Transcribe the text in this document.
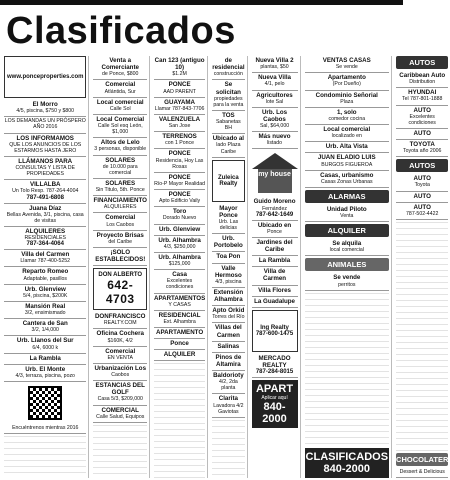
Clasificados
www.ponceproperties.com
El Morro
4/5, piscina, $750 y $800
LOS DEMANDAS UN PRÓSPERO AÑO 2016
LOS INFORMAMOS
QUE LOS ANUNCIOS DE LOS ESTARMOS HASTA JERO
LLÁMANOS PARA
CONSULTAS Y LISTA DE PROPIEDADES
VILLALBA
Un Tolo Resp. 787-264-4004
787-491-6808
Juana Díaz
Bellas Avenida, 3/1, piscina, casa de visitas
ALQUILERES
RESIDENCIALES
787-364-4064
Villa del Carmen
Llamar 787-400-5252
Reparto Romeo
Adaptable, pasillos
Urb. Glenview
5/4, piscina, $200K
Mansión Real
3/2, ensimismado
Cantera de San
3/2, 1/4,000
Urb. Llanos del Sur
6/4, 6000 k
La Rambla
Urb. El Monte
4/3, terraza, piscina, pozo
Encuéntrenos mientras 2016
Venta a Comerciante
de Ponce, $800
Comercial
Atlántida, Sur
Local comercial
Calle Sol
Local Comercial
Calle Sol esq León, $1,000
Altos de Lelo
3 personas, disponible
SOLARES
de 10.000 para comercial
SOLARES
Sin Titulo, 5th. Ponce
FINANCIAMIENTO
ALQUILERES
Comercial
Los Caobos
Proyecto Brisas
del Caribe
¡SOLO ESTABLECIDOS!
DON ALBERTO
642-4703
DONFRANCISCO
REALTY.COM
Oficina Cochera
$160K, 4/2
Comercial
EN VENTA
Urbanización Los
Caobos
ESTANCIAS DEL GOLF
Casa 5/3, $209,000
COMERCIAL
Calle Salud, Equipos
Can 123 (antiguo 10)
$1.2M
PONCE
AAD PARENT
GUAYAMA
Llamar 787-843-7706
VALENZUELA
San Jose
TERRENOS
con 1 Ponce
PONCE
Residencia, Hoy Las Rosas
PONCE
Río-P Mayor Realidad
PONCE
Apto Edificio Vaily
Toro
Dorado Nuevo
Urb. Glenview
Urb. Alhambra
4/3, $250,000
Urb. Alhambra
$125,000
Casa
Excelentes condiciones
APARTAMENTOS
Y CASAS
RESIDENCIAL
Ext. Alhambra
APARTAMENTO
Ponce
ALQUILER
de residencial
construcción
Se solicitan
propiedades para la venta
TOS
Sabanetas BH
Ubicado al
lado Plaza Caribe
Zuleica Realty
Mayor Ponce
Urb. Las delicias
Urb. Portobelo
Toa Pon
Valle Hermoso
4/3, piscina
Extensión Alhambra
Apto Orkid
Torres del Río
Villas del Carmen
Salinas
Pinos de Altamira
Baldorioty
4/2, 2da planta
Clarita
Lavadora 4/2 Gaviotas
Nueva Villa 2
plantas, $50
Nueva Villa
4/1, pelo
Agricultores
lote Sal
Urb. Los Caobos
Sal, $64,000
Más nuevo
listado
my house
Guido Moreno
Fernández
787-642-1649
Ubicado en
Ponce
Jardines del Caribe
La Rambla
Villa de Carmen
Villa Flores
La Guadalupe
Ing Realty
787-600-1475
MERCADO REALTY
787-284-8015
APART
Aplicar aquí
840-2000
VENTAS CASAS
Se vende
Apartamento
(Por Dueño)
Condominio Señorial
Plaza
1, solo
comedor cocina
Local comercial
localizado en
Urb. Alta Vista
JUAN ELADIO LUIS
BURGOS FIGUEROA
Casas, urbanismo
Casas Zonas Urbanas
ALARMAS
Unidad Piloto
Venta
ALQUILER
Se alquila
local comercial
ANIMALES
Se vende
perritos
CLASIFICADOS
840-2000
AUTOS
Caribbean Auto
Distribution
HYUNDAI
Tel 787-801-1888
AUTO
Excelentes condiciones
AUTO
TOYOTA
Toyota año 2006
AUTOS
AUTO
Toyota
AUTO
AUTO
787-502-4422
CHOCOLATER
Dessert & Delicious
